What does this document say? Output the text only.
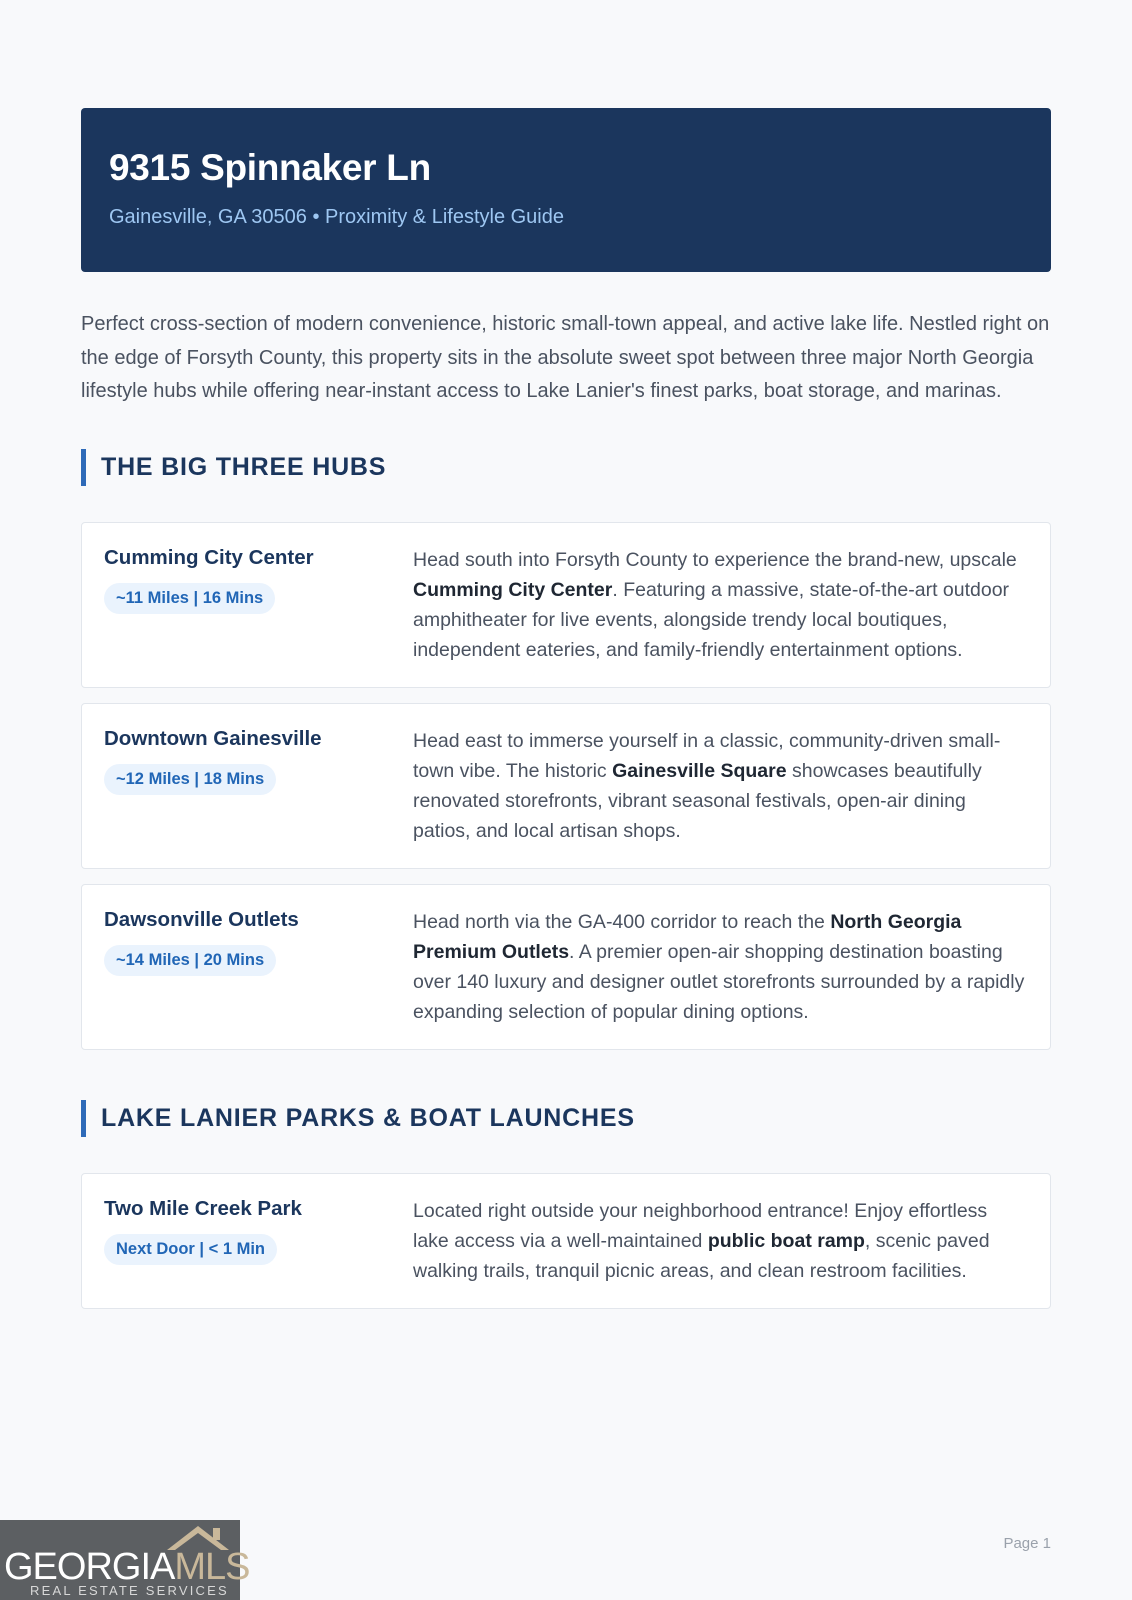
9315 Spinnaker Ln
Gainesville, GA 30506 • Proximity & Lifestyle Guide
Perfect cross-section of modern convenience, historic small-town appeal, and active lake life. Nestled right on the edge of Forsyth County, this property sits in the absolute sweet spot between three major North Georgia lifestyle hubs while offering near-instant access to Lake Lanier's finest parks, boat storage, and marinas.
THE BIG THREE HUBS
Cumming City Center
~11 Miles | 16 Mins
Head south into Forsyth County to experience the brand-new, upscale Cumming City Center. Featuring a massive, state-of-the-art outdoor amphitheater for live events, alongside trendy local boutiques, independent eateries, and family-friendly entertainment options.
Downtown Gainesville
~12 Miles | 18 Mins
Head east to immerse yourself in a classic, community-driven small-town vibe. The historic Gainesville Square showcases beautifully renovated storefronts, vibrant seasonal festivals, open-air dining patios, and local artisan shops.
Dawsonville Outlets
~14 Miles | 20 Mins
Head north via the GA-400 corridor to reach the North Georgia Premium Outlets. A premier open-air shopping destination boasting over 140 luxury and designer outlet storefronts surrounded by a rapidly expanding selection of popular dining options.
LAKE LANIER PARKS & BOAT LAUNCHES
Two Mile Creek Park
Next Door | < 1 Min
Located right outside your neighborhood entrance! Enjoy effortless lake access via a well-maintained public boat ramp, scenic paved walking trails, tranquil picnic areas, and clean restroom facilities.
GEORGIAMLS
REAL ESTATE SERVICES
Page 1
